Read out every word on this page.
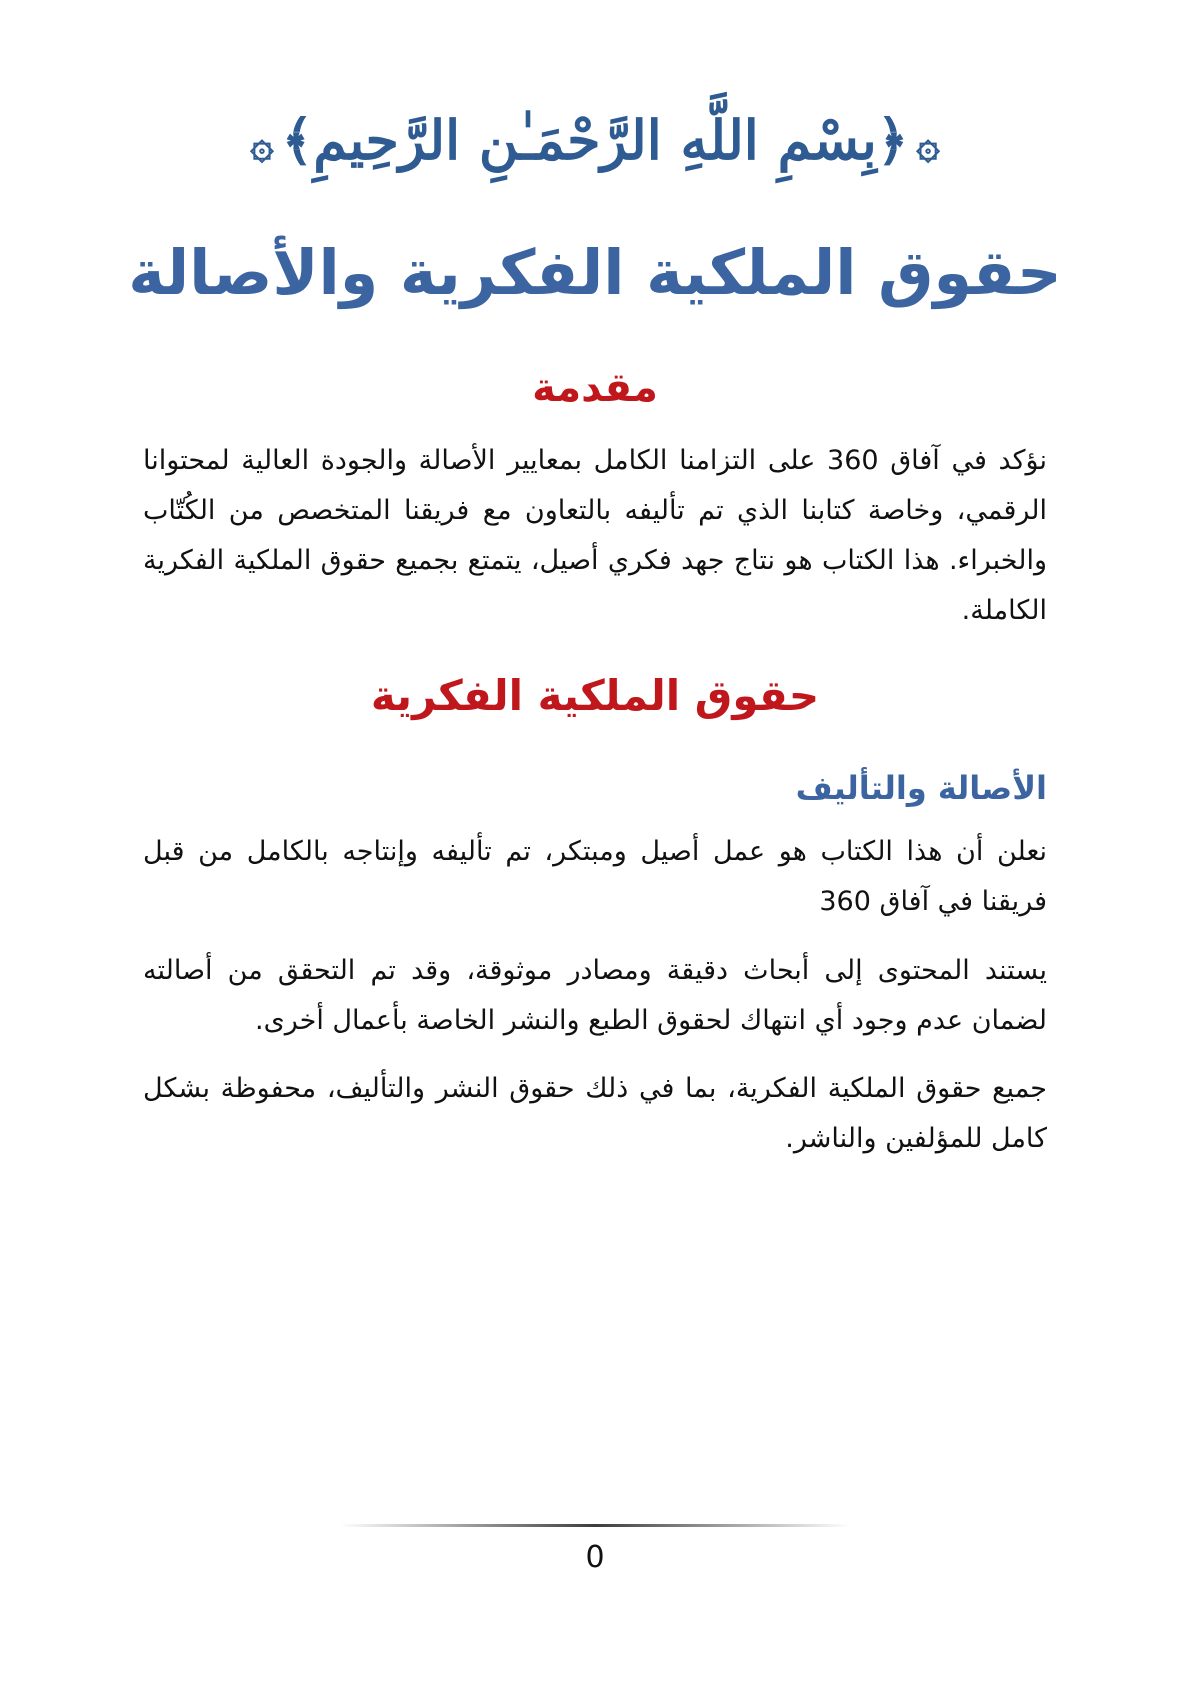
۞﴿بِسْمِ اللَّهِ الرَّحْمَـٰنِ الرَّحِيمِ﴾۞
حقوق الملكية الفكرية والأصالة
مقدمة

نؤكد في آفاق 360 على التزامنا الكامل بمعايير الأصالة والجودة العالية لمحتوانا الرقمي، وخاصة كتابنا الذي تم تأليفه بالتعاون مع فريقنا المتخصص من الكُتّاب والخبراء. هذا الكتاب هو نتاج جهد فكري أصيل، يتمتع بجميع حقوق الملكية الفكرية الكاملة.

حقوق الملكية الفكرية
الأصالة والتأليف

نعلن أن هذا الكتاب هو عمل أصيل ومبتكر، تم تأليفه وإنتاجه بالكامل من قبل فريقنا في آفاق 360

يستند المحتوى إلى أبحاث دقيقة ومصادر موثوقة، وقد تم التحقق من أصالته لضمان عدم وجود أي انتهاك لحقوق الطبع والنشر الخاصة بأعمال أخرى.

جميع حقوق الملكية الفكرية، بما في ذلك حقوق النشر والتأليف، محفوظة بشكل كامل للمؤلفين والناشر.

0
